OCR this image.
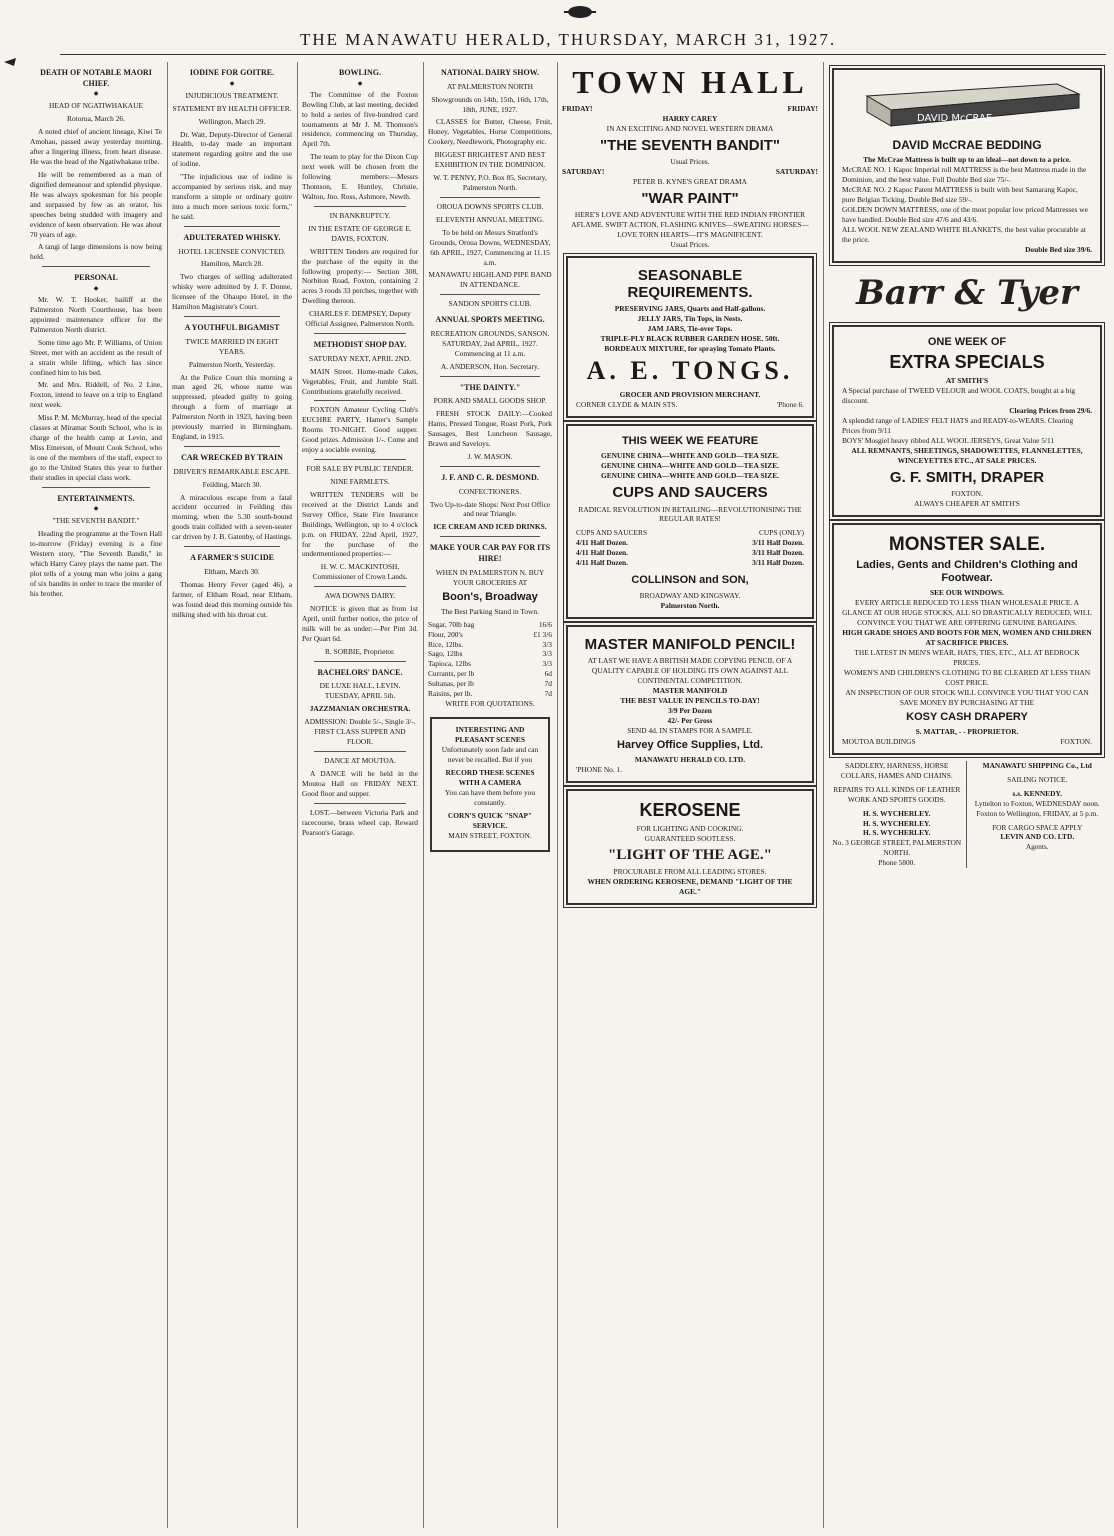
THE MANAWATU HERALD, THURSDAY, MARCH 31, 1927.
DEATH OF NOTABLE MAORI CHIEF.
◆
HEAD OF NGATIWHAKAUE

Rotorua, March 26.

A noted chief of ancient lineage, Kiwi Te Amohau, passed away yesterday morning, after a lingering illness, from heart disease. He was the head of the Ngatiwhakaue tribe.

He will be remembered as a man of dignified demeanour and splendid physique. He was always spokesman for his people and surpassed by few as an orator, his speeches being studded with imagery and evidence of keen observation. He was about 70 years of age.

A tangi of large dimensions is now being held.

PERSONAL
◆

Mr. W. T. Hooker, bailiff at the Palmerston North Courthouse, has been appointed maintenance officer for the Palmerston North district.

Some time ago Mr. P. Williams, of Union Street, met with an accident as the result of a strain while lifting, which has since confined him to his bed.

Mr. and Mrs. Riddell, of No. 2 Line, Foxton, intend to leave on a trip to England next week.

Miss P. M. McMurray, head of the special classes at Miramar South School, who is in charge of the health camp at Levin, and Miss Emerson, of Mount Cook School, who is one of the members of the staff, expect to go to the United States this year to further their studies in special class work.

ENTERTAINMENTS.
◆
"THE SEVENTH BANDIT."

Heading the programme at the Town Hall to-morrow (Friday) evening is a fine Western story, "The Seventh Bandit," in which Harry Carey plays the name part. The plot tells of a young man who joins a gang of six bandits in order to trace the murder of his brother.

IODINE FOR GOITRE.
◆
INJUDICIOUS TREATMENT.
STATEMENT BY HEALTH OFFICER.

Wellington, March 29.

Dr. Watt, Deputy-Director of General Health, to-day made an important statement regarding goitre and the use of iodine.

"The injudicious use of iodine is accompanied by serious risk, and may transform a simple or ordinary goitre into a much more serious toxic form," he said.

ADULTERATED WHISKY.
HOTEL LICENSEE CONVICTED.

Hamilton, March 28.

Two charges of selling adulterated whisky were admitted by J. F. Donne, licensee of the Ohaupo Hotel, in the Hamilton Magistrate's Court.

A YOUTHFUL BIGAMIST
TWICE MARRIED IN EIGHT YEARS.

Palmerston North, Yesterday.

At the Police Court this morning a man aged 26, whose name was suppressed, pleaded guilty to going through a form of marriage at Palmerston North in 1923, having been previously married in Birmingham, England, in 1915.

CAR WRECKED BY TRAIN
DRIVER'S REMARKABLE ESCAPE.

Feilding, March 30.

A miraculous escape from a fatal accident occurred in Feilding this morning, when the 5.30 south-bound goods train collided with a seven-seater car driven by J. B. Gatenby, of Hastings.

A FARMER'S SUICIDE

Eltham, March 30.

Thomas Henry Fever (aged 46), a farmer, of Eltham Road, near Eltham, was found dead this morning outside his milking shed with his throat cut.

BOWLING.
◆

The Committee of the Foxton Bowling Club, at last meeting, decided to hold a series of five-hundred card tournaments at Mr J. M. Thomson's residence, commencing on Thursday, April 7th.

The team to play for the Dixon Cup next week will be chosen from the following members:—Messrs Thomson, E. Huntley, Christie, Walton, Jno. Ross, Ashmore, Newth.

IN BANKRUPTCY.
IN THE ESTATE OF GEORGE E. DAVIS, FOXTON.

WRITTEN Tenders are required for the purchase of the equity in the following property:— Section 308, Norbiton Road, Foxton, containing 2 acres 3 roods 33 perches, together with Dwelling thereon.

CHARLES F. DEMPSEY, Deputy Official Assignee, Palmerston North.

METHODIST SHOP DAY.
SATURDAY NEXT, APRIL 2ND.

MAIN Street. Home-made Cakes, Vegetables, Fruit, and Jumble Stall. Contributions gratefully received.

FOXTON Amateur Cycling Club's EUCHRE PARTY, Hamer's Sample Rooms TO-NIGHT. Good supper. Good prizes. Admission 1/-. Come and enjoy a sociable evening.

FOR SALE BY PUBLIC TENDER.
NINE FARMLETS.

WRITTEN TENDERS will be received at the District Lands and Survey Office, State Fire Insurance Buildings, Wellington, up to 4 o'clock p.m. on FRIDAY, 22nd April, 1927, for the purchase of the undermentioned properties:—

H. W. C. MACKINTOSH, Commissioner of Crown Lands.

AWA DOWNS DAIRY.

NOTICE is given that as from 1st April, until further notice, the price of milk will be as under:—Per Pint 3d. Per Quart 6d.

R. SORBIE, Proprietor.

BACHELORS' DANCE.

DE LUXE HALL, LEVIN. TUESDAY, APRIL 5th.

JAZZMANIAN ORCHESTRA.

ADMISSION: Double 5/-, Single 3/-. FIRST CLASS SUPPER AND FLOOR.

DANCE AT MOUTOA.

A DANCE will be held in the Moutoa Hall on FRIDAY NEXT. Good floor and supper.

LOST.—between Victoria Park and racecourse, brass wheel cap. Reward Pearson's Garage.

NATIONAL DAIRY SHOW.
AT PALMERSTON NORTH

Showgrounds on 14th, 15th, 16th, 17th, 18th, JUNE, 1927.

CLASSES for Butter, Cheese, Fruit, Honey, Vegetables, Horse Competitions, Cookery, Needlework, Photography etc.

BIGGEST BRIGHTEST AND BEST EXHIBITION IN THE DOMINION.

W. T. PENNY, P.O. Box 85, Secretary, Palmerston North.

OROUA DOWNS SPORTS CLUB.
ELEVENTH ANNUAL MEETING.

To be held on Messrs Stratford's Grounds, Oroua Downs, WEDNESDAY, 6th APRIL, 1927, Commencing at 11.15 a.m.

MANAWATU HIGHLAND PIPE BAND IN ATTENDANCE.

SANDON SPORTS CLUB.
ANNUAL SPORTS MEETING.

RECREATION GROUNDS, SANSON. SATURDAY, 2nd APRIL, 1927. Commencing at 11 a.m.

A. ANDERSON, Hon. Secretary.

"THE DAINTY."
PORK AND SMALL GOODS SHOP.

FRESH STOCK DAILY:—Cooked Hams, Pressed Tongue, Roast Pork, Pork Sausages, Best Luncheon Sausage, Brawn and Saveloys.

J. W. MASON.

J. F. AND C. R. DESMOND.
CONFECTIONERS.

Two Up-to-date Shops: Next Post Office and near Triangle.

ICE CREAM AND ICED DRINKS.

MAKE YOUR CAR PAY FOR ITS HIRE!

WHEN IN PALMERSTON N. BUY YOUR GROCERIES AT

Boon's, Broadway

The Best Parking Stand in Town.

Sugar, 70lb bag	16/6
Flour, 200's	£1 3/6
Rice, 12lbs.	3/3
Sago, 12lbs	3/3
Tapioca, 12lbs	3/3
Currants, per lb	6d
Sultanas, per lb	7d
Raisins, per lb.	7d

WRITE FOR QUOTATIONS.

INTERESTING AND PLEASANT SCENES

Unfortunately soon fade and can never be recalled. But if you

RECORD THESE SCENES WITH A CAMERA

You can have them before you constantly.

CORN'S QUICK "SNAP" SERVICE.

MAIN STREET, FOXTON.

TOWN HALL
FRIDAY!	FRIDAY!
HARRY CAREY
IN AN EXCITING AND NOVEL WESTERN DRAMA
"THE SEVENTH BANDIT"
Usual Prices.
SATURDAY!	SATURDAY!
PETER B. KYNE'S GREAT DRAMA
"WAR PAINT"
HERE'S LOVE AND ADVENTURE WITH THE RED INDIAN FRONTIER AFLAME. SWIFT ACTION, FLASHING KNIVES—SWEATING HORSES—LOVE TORN HEARTS—IT'S MAGNIFICENT.
Usual Prices.
SEASONABLE REQUIREMENTS.
PRESERVING JARS, Quarts and Half-gallons.
JELLY JARS, Tin Tops, in Nests.
JAM JARS, Tie-over Tops.
TRIPLE-PLY BLACK RUBBER GARDEN HOSE. 50ft.
BORDEAUX MIXTURE, for spraying Tomato Plants.
A. E. TONGS.
GROCER AND PROVISION MERCHANT.
CORNER CLYDE & MAIN STS.	'Phone 6.
THIS WEEK WE FEATURE
GENUINE CHINA—WHITE AND GOLD—TEA SIZE.
GENUINE CHINA—WHITE AND GOLD—TEA SIZE.
GENUINE CHINA—WHITE AND GOLD—TEA SIZE.
CUPS AND SAUCERS
RADICAL REVOLUTION IN RETAILING—REVOLUTIONISING THE REGULAR RATES!
CUPS AND SAUCERS	CUPS (ONLY)
4/11 Half Dozen.	3/11 Half Dozen.
4/11 Half Dozen.	3/11 Half Dozen.
4/11 Half Dozen.	3/11 Half Dozen.
COLLINSON and SON,
BROADWAY AND KINGSWAY.
Palmerston North.
MASTER MANIFOLD PENCIL!
AT LAST WE HAVE A BRITISH MADE COPYING PENCIL OF A QUALITY CAPABLE OF HOLDING ITS OWN AGAINST ALL CONTINENTAL COMPETITION.
MASTER MANIFOLD
THE BEST VALUE IN PENCILS TO-DAY!
3/9 Per Dozen
42/- Per Gross
SEND 4d. IN STAMPS FOR A SAMPLE.
Harvey Office Supplies, Ltd.
MANAWATU HERALD CO. LTD.
'PHONE No. 1.
KEROSENE
FOR LIGHTING AND COOKING.
GUARANTEED SOOTLESS.
"LIGHT OF THE AGE."
PROCURABLE FROM ALL LEADING STORES.
WHEN ORDERING KEROSENE, DEMAND "LIGHT OF THE AGE."
DAVID McCRAE
DAVID McCRAE BEDDING
The McCrae Mattress is built up to an ideal—not down to a price.
McCRAE NO. 1 Kapoc Imperial roll MATTRESS is the best Mattress made in the Dominion, and the best value. Full Double Bed size 75/-.
McCRAE NO. 2 Kapoc Patent MATTRESS is built with best Samarang Kapoc, pure Belgian Ticking. Double Bed size 59/-.
GOLDEN DOWN MATTRESS, one of the most popular low priced Mattresses we have handled. Double Bed size 47/6 and 43/6.
ALL WOOL NEW ZEALAND WHITE BLANKETS, the best value procurable at the price.
Double Bed size 39/6.
Barr & Tyer
ONE WEEK OF
EXTRA SPECIALS
AT SMITH'S
A Special purchase of TWEED VELOUR and WOOL COATS, bought at a big discount.
Clearing Prices from 29/6.
A splendid range of LADIES' FELT HATS and READY-to-WEARS. Clearing Prices from 9/11
BOYS' Mosgiel heavy ribbed ALL WOOL JERSEYS, Great Value 5/11
ALL REMNANTS, SHEETINGS, SHADOWETTES, FLANNELETTES, WINCEYETTES ETC., AT SALE PRICES.
G. F. SMITH, DRAPER
FOXTON.
ALWAYS CHEAPER AT SMITH'S
MONSTER SALE.
Ladies, Gents and Children's Clothing and Footwear.
SEE OUR WINDOWS.
EVERY ARTICLE REDUCED TO LESS THAN WHOLESALE PRICE. A GLANCE AT OUR HUGE STOCKS, ALL SO DRASTICALLY REDUCED, WILL CONVINCE YOU THAT WE ARE OFFERING GENUINE BARGAINS.
HIGH GRADE SHOES AND BOOTS FOR MEN, WOMEN AND CHILDREN AT SACRIFICE PRICES.
THE LATEST IN MEN'S WEAR, HATS, TIES, ETC., ALL AT BEDROCK PRICES.
WOMEN'S AND CHILDREN'S CLOTHING TO BE CLEARED AT LESS THAN COST PRICE.
AN INSPECTION OF OUR STOCK WILL CONVINCE YOU THAT YOU CAN SAVE MONEY BY PURCHASING AT THE
KOSY CASH DRAPERY
S. MATTAR, - - PROPRIETOR.
MOUTOA BUILDINGS	FOXTON.
SADDLERY, HARNESS, HORSE COLLARS, HAMES AND CHAINS.
REPAIRS TO ALL KINDS OF LEATHER WORK AND SPORTS GOODS.
H. S. WYCHERLEY.
H. S. WYCHERLEY.
H. S. WYCHERLEY.
No. 3 GEORGE STREET, PALMERSTON NORTH.
Phone 5800.
MANAWATU SHIPPING Co., Ltd
SAILING NOTICE.
s.s. KENNEDY.
Lyttelton to Foxton, WEDNESDAY noon.
Foxton to Wellington, FRIDAY, at 5 p.m.
FOR CARGO SPACE APPLY
LEVIN AND CO. LTD.
Agents.
